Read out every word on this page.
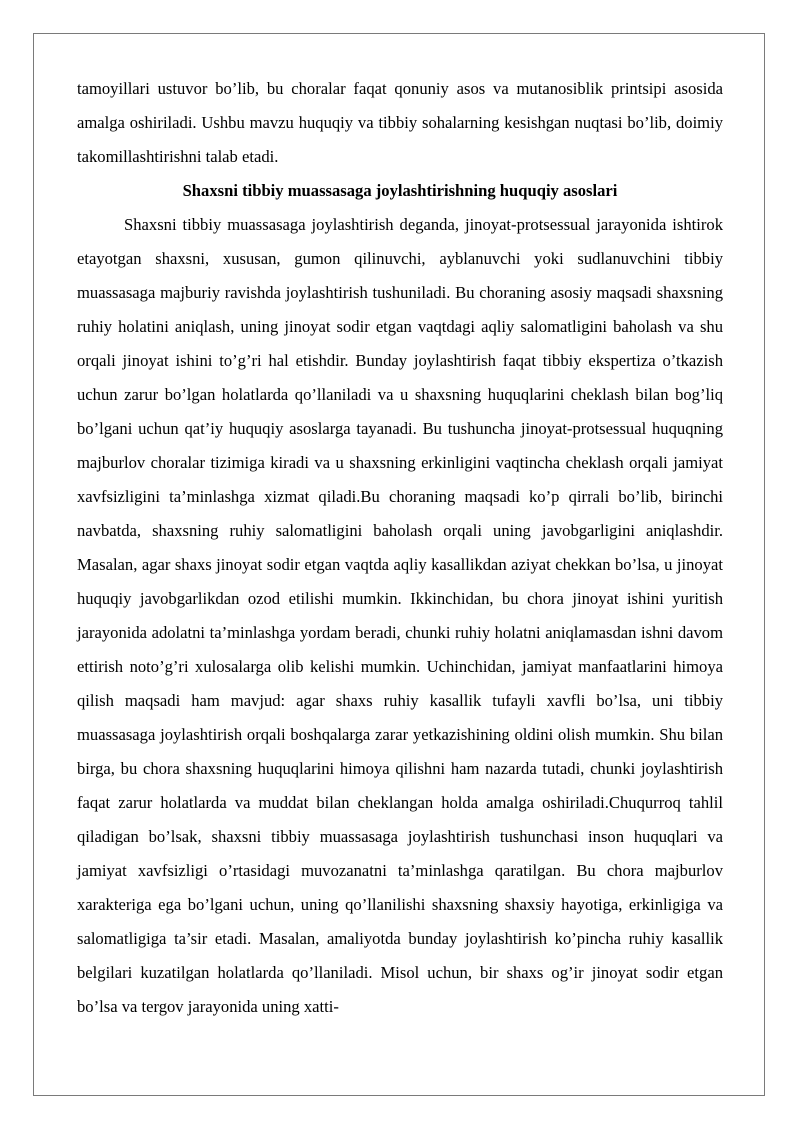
tamoyillari ustuvor bo’lib, bu choralar faqat qonuniy asos va mutanosiblik printsipi asosida amalga oshiriladi. Ushbu mavzu huquqiy va tibbiy sohalarning kesishgan nuqtasi bo’lib, doimiy takomillashtirishni talab etadi.

Shaxsni tibbiy muassasaga joylashtirishning huquqiy asoslari

Shaxsni tibbiy muassasaga joylashtirish deganda, jinoyat-protsessual jarayonida ishtirok etayotgan shaxsni, xususan, gumon qilinuvchi, ayblanuvchi yoki sudlanuvchini tibbiy muassasaga majburiy ravishda joylashtirish tushuniladi. Bu choraning asosiy maqsadi shaxsning ruhiy holatini aniqlash, uning jinoyat sodir etgan vaqtdagi aqliy salomatligini baholash va shu orqali jinoyat ishini to’g’ri hal etishdir. Bunday joylashtirish faqat tibbiy ekspertiza o’tkazish uchun zarur bo’lgan holatlarda qo’llaniladi va u shaxsning huquqlarini cheklash bilan bog’liq bo’lgani uchun qat’iy huquqiy asoslarga tayanadi. Bu tushuncha jinoyat-protsessual huquqning majburlov choralar tizimiga kiradi va u shaxsning erkinligini vaqtincha cheklash orqali jamiyat xavfsizligini ta’minlashga xizmat qiladi.Bu choraning maqsadi ko’p qirrali bo’lib, birinchi navbatda, shaxsning ruhiy salomatligini baholash orqali uning javobgarligini aniqlashdir. Masalan, agar shaxs jinoyat sodir etgan vaqtda aqliy kasallikdan aziyat chekkan bo’lsa, u jinoyat huquqiy javobgarlikdan ozod etilishi mumkin. Ikkinchidan, bu chora jinoyat ishini yuritish jarayonida adolatni ta’minlashga yordam beradi, chunki ruhiy holatni aniqlamasdan ishni davom ettirish noto’g’ri xulosalarga olib kelishi mumkin. Uchinchidan, jamiyat manfaatlarini himoya qilish maqsadi ham mavjud: agar shaxs ruhiy kasallik tufayli xavfli bo’lsa, uni tibbiy muassasaga joylashtirish orqali boshqalarga zarar yetkazishining oldini olish mumkin. Shu bilan birga, bu chora shaxsning huquqlarini himoya qilishni ham nazarda tutadi, chunki joylashtirish faqat zarur holatlarda va muddat bilan cheklangan holda amalga oshiriladi.Chuqurroq tahlil qiladigan bo’lsak, shaxsni tibbiy muassasaga joylashtirish tushunchasi inson huquqlari va jamiyat xavfsizligi o’rtasidagi muvozanatni ta’minlashga qaratilgan. Bu chora majburlov xarakteriga ega bo’lgani uchun, uning qo’llanilishi shaxsning shaxsiy hayotiga, erkinligiga va salomatligiga ta’sir etadi. Masalan, amaliyotda bunday joylashtirish ko’pincha ruhiy kasallik belgilari kuzatilgan holatlarda qo’llaniladi. Misol uchun, bir shaxs og’ir jinoyat sodir etgan bo’lsa va tergov jarayonida uning xatti-
